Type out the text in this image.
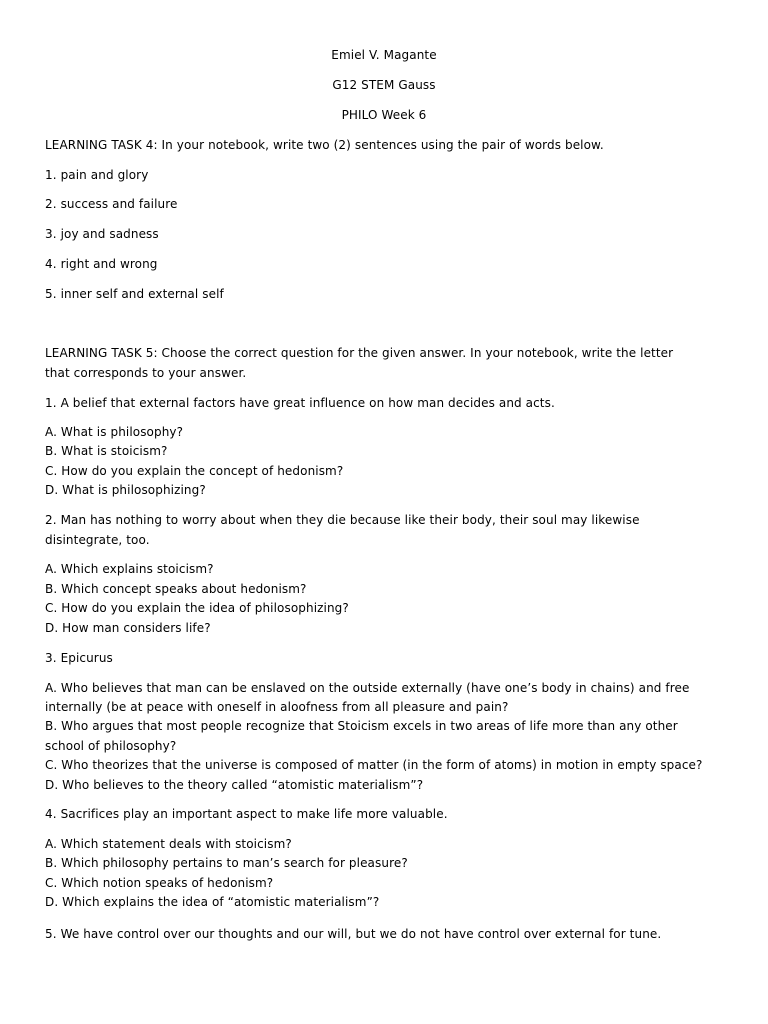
Emiel V. Magante
G12 STEM Gauss
PHILO Week 6
LEARNING TASK 4: In your notebook, write two (2) sentences using the pair of words below.
1. pain and glory
2. success and failure
3. joy and sadness
4. right and wrong
5. inner self and external self
LEARNING TASK 5: Choose the correct question for the given answer. In your notebook, write the letter
that corresponds to your answer.
1. A belief that external factors have great influence on how man decides and acts.
A. What is philosophy?
B. What is stoicism?
C. How do you explain the concept of hedonism?
D. What is philosophizing?
2. Man has nothing to worry about when they die because like their body, their soul may likewise
disintegrate, too.
A. Which explains stoicism?
B. Which concept speaks about hedonism?
C. How do you explain the idea of philosophizing?
D. How man considers life?
3. Epicurus
A. Who believes that man can be enslaved on the outside externally (have one’s body in chains) and free
internally (be at peace with oneself in aloofness from all pleasure and pain?
B. Who argues that most people recognize that Stoicism excels in two areas of life more than any other
school of philosophy?
C. Who theorizes that the universe is composed of matter (in the form of atoms) in motion in empty space?
D. Who believes to the theory called “atomistic materialism”?
4. Sacrifices play an important aspect to make life more valuable.
A. Which statement deals with stoicism?
B. Which philosophy pertains to man’s search for pleasure?
C. Which notion speaks of hedonism?
D. Which explains the idea of “atomistic materialism”?
5. We have control over our thoughts and our will, but we do not have control over external for tune.
